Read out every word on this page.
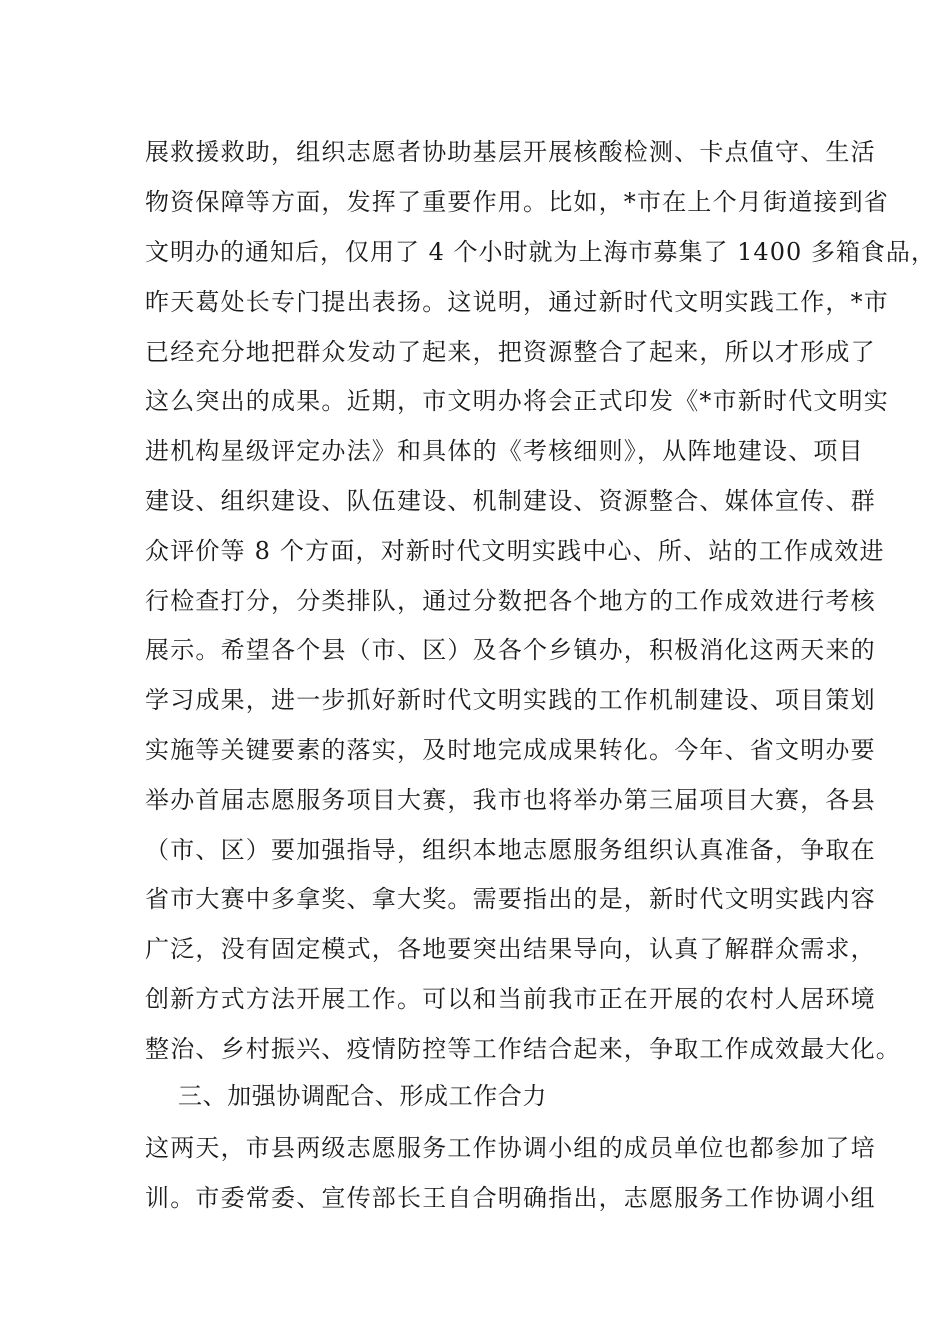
展救援救助，组织志愿者协助基层开展核酸检测、卡点值守、生活
物资保障等方面，发挥了重要作用。比如，*市在上个月街道接到省
文明办的通知后，仅用了 4 个小时就为上海市募集了 1400 多箱食品，
昨天葛处长专门提出表扬。这说明，通过新时代文明实践工作，*市
已经充分地把群众发动了起来，把资源整合了起来，所以才形成了
这么突出的成果。近期，市文明办将会正式印发《*市新时代文明实
进机构星级评定办法》和具体的《考核细则》，从阵地建设、项目
建设、组织建设、队伍建设、机制建设、资源整合、媒体宣传、群
众评价等 8 个方面，对新时代文明实践中心、所、站的工作成效进
行检查打分，分类排队，通过分数把各个地方的工作成效进行考核
展示。希望各个县（市、区）及各个乡镇办，积极消化这两天来的
学习成果，进一步抓好新时代文明实践的工作机制建设、项目策划
实施等关键要素的落实，及时地完成成果转化。今年、省文明办要
举办首届志愿服务项目大赛，我市也将举办第三届项目大赛，各县
（市、区）要加强指导，组织本地志愿服务组织认真准备，争取在
省市大赛中多拿奖、拿大奖。需要指出的是，新时代文明实践内容
广泛，没有固定模式，各地要突出结果导向，认真了解群众需求，
创新方式方法开展工作。可以和当前我市正在开展的农村人居环境
整治、乡村振兴、疫情防控等工作结合起来，争取工作成效最大化。
三、加强协调配合、形成工作合力
这两天，市县两级志愿服务工作协调小组的成员单位也都参加了培
训。市委常委、宣传部长王自合明确指出，志愿服务工作协调小组
